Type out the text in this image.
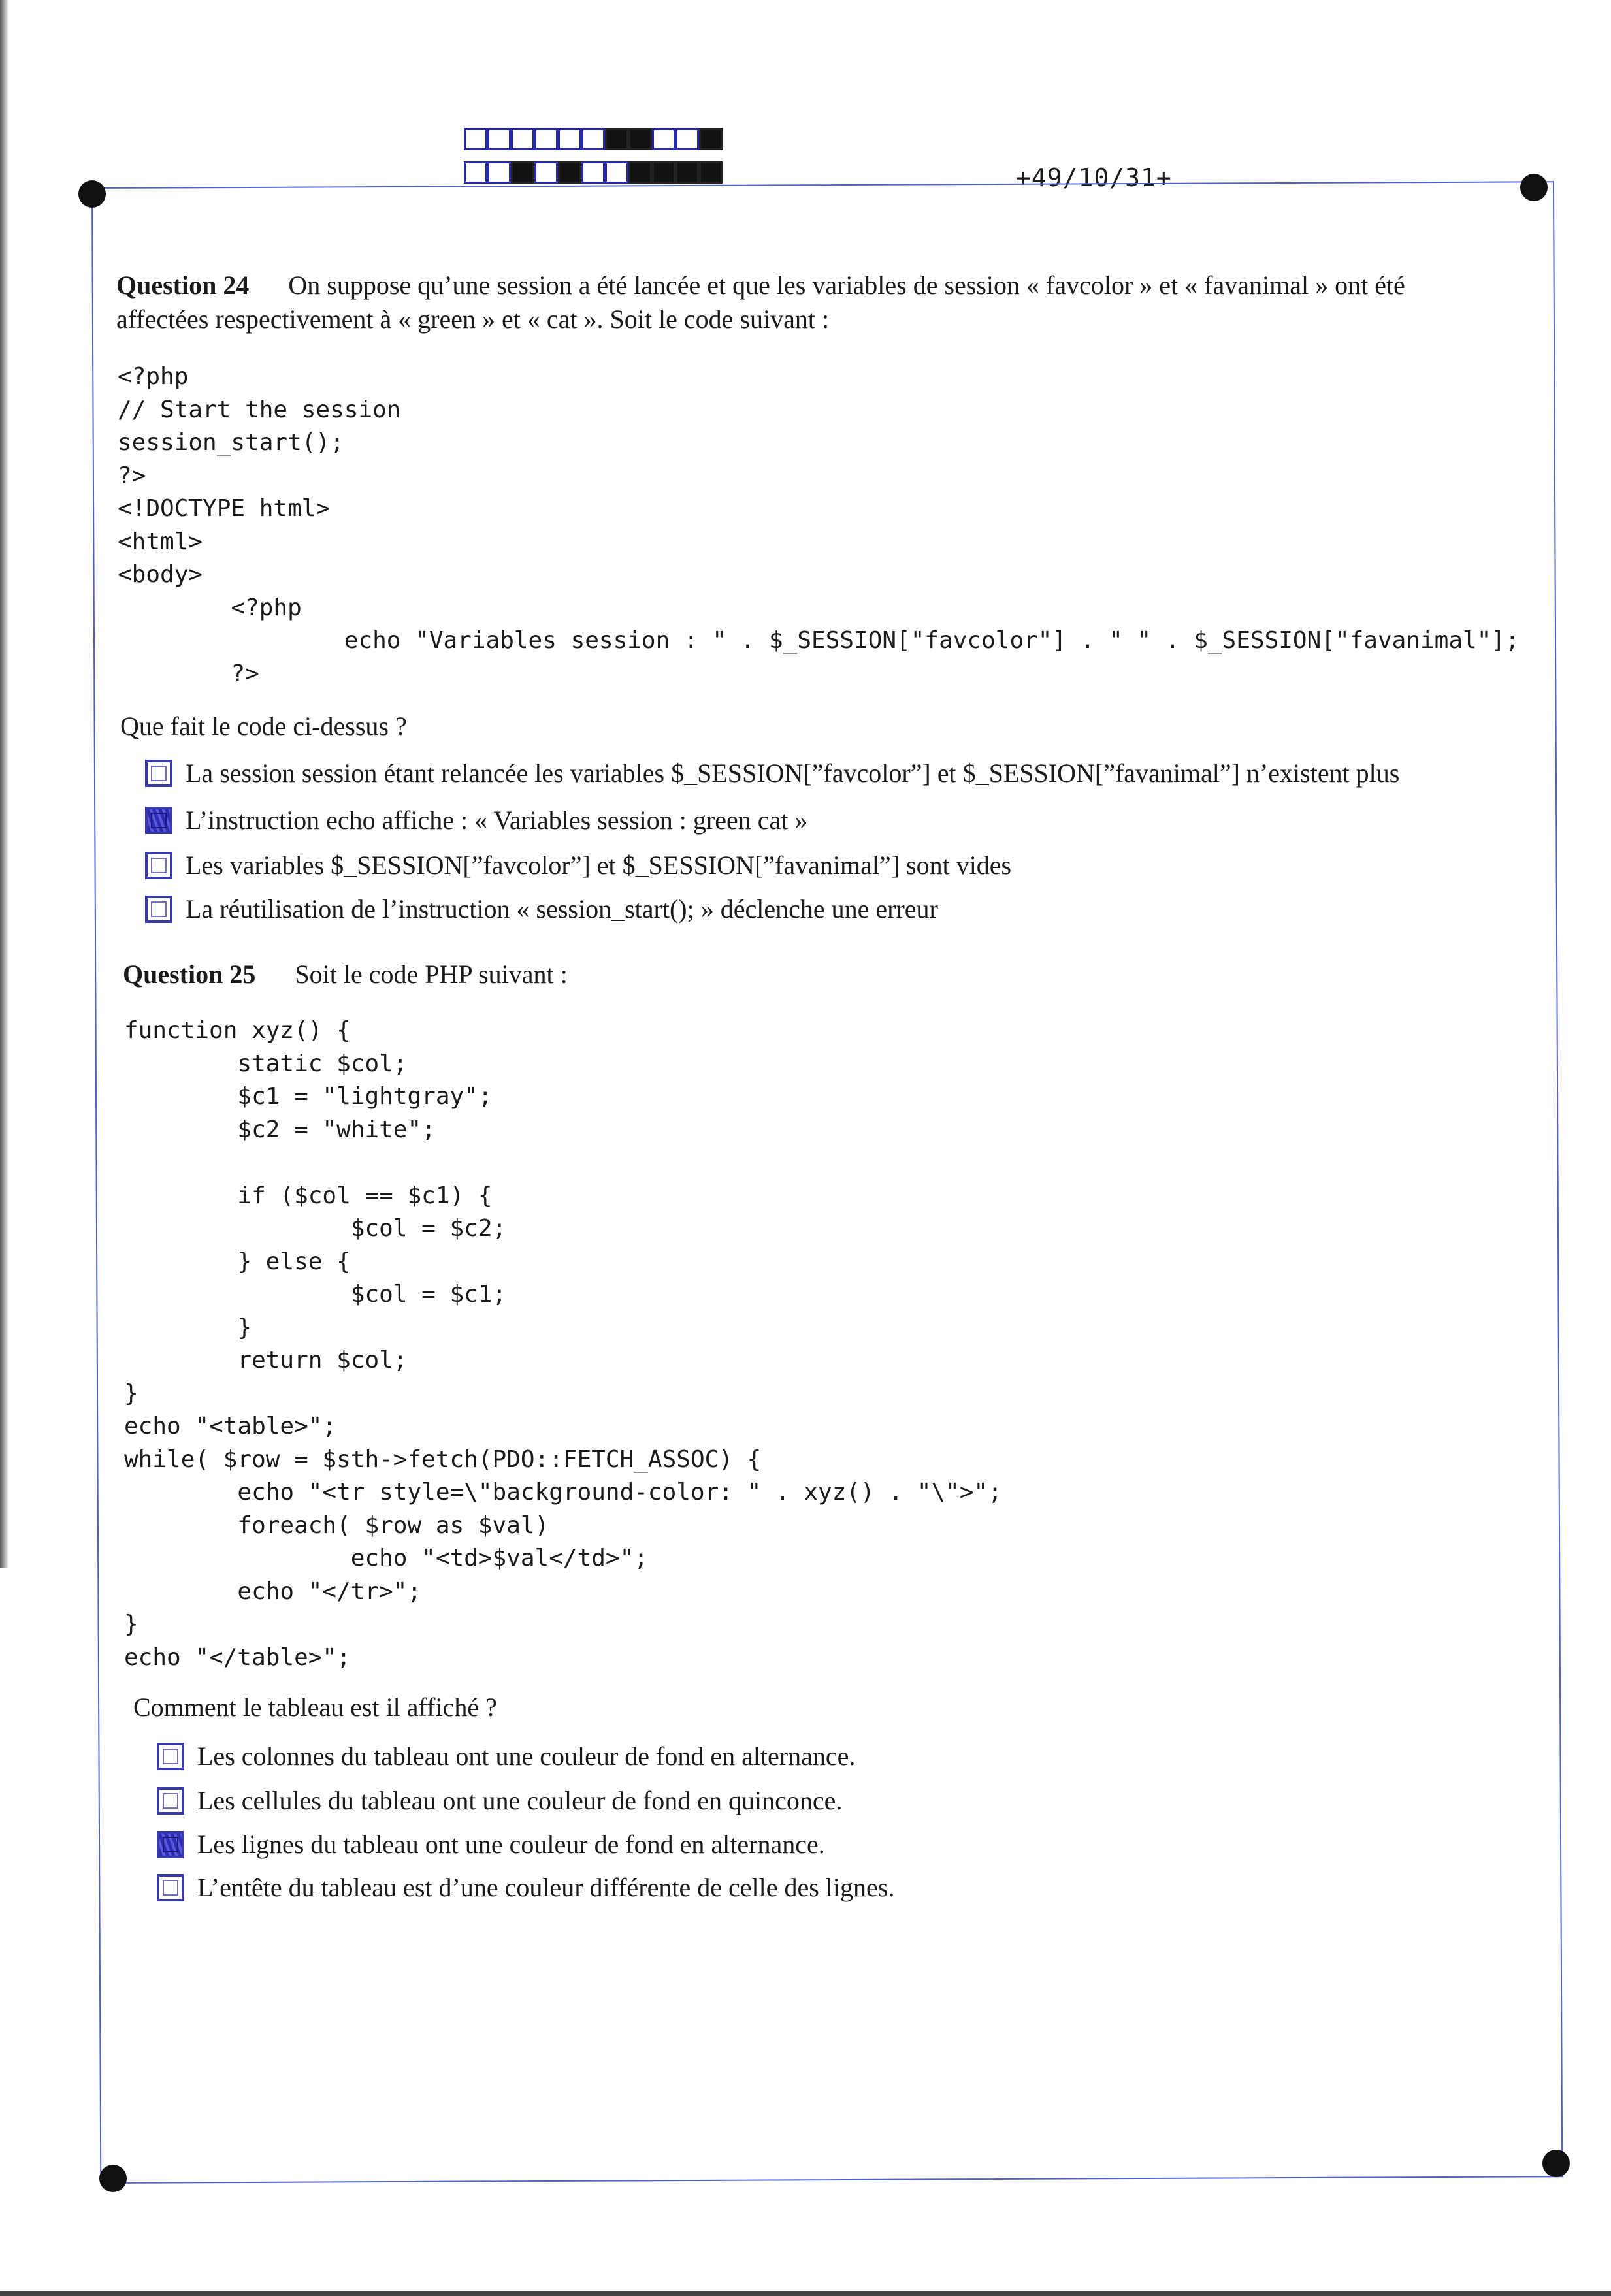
+49/10/31+
Question 24 On suppose qu’une session a été lancée et que les variables de session « favcolor » et « favanimal » ont été
affectées respectivement à « green » et « cat ». Soit le code suivant :
<?php
// Start the session
session_start();
?>
<!DOCTYPE html>
<html>
<body>
<?php
echo "Variables session : " . $_SESSION["favcolor"] . " " . $_SESSION["favanimal"];
?>
Que fait le code ci-dessus ?
La session session étant relancée les variables $_SESSION[”favcolor”] et $_SESSION[”favanimal”] n’existent plus
L’instruction echo affiche : « Variables session : green cat »
Les variables $_SESSION[”favcolor”] et $_SESSION[”favanimal”] sont vides
La réutilisation de l’instruction « session_start(); » déclenche une erreur
Question 25 Soit le code PHP suivant :
function xyz() {
static $col;
$c1 = "lightgray";
$c2 = "white";

if ($col == $c1) {
$col = $c2;
} else {
$col = $c1;
}
return $col;
}
echo "<table>";
while( $row = $sth->fetch(PDO::FETCH_ASSOC) {
echo "<tr style=\"background-color: " . xyz() . "\">";
foreach( $row as $val)
echo "<td>$val</td>";
echo "</tr>";
}
echo "</table>";
Comment le tableau est il affiché ?
Les colonnes du tableau ont une couleur de fond en alternance.
Les cellules du tableau ont une couleur de fond en quinconce.
Les lignes du tableau ont une couleur de fond en alternance.
L’entête du tableau est d’une couleur différente de celle des lignes.
